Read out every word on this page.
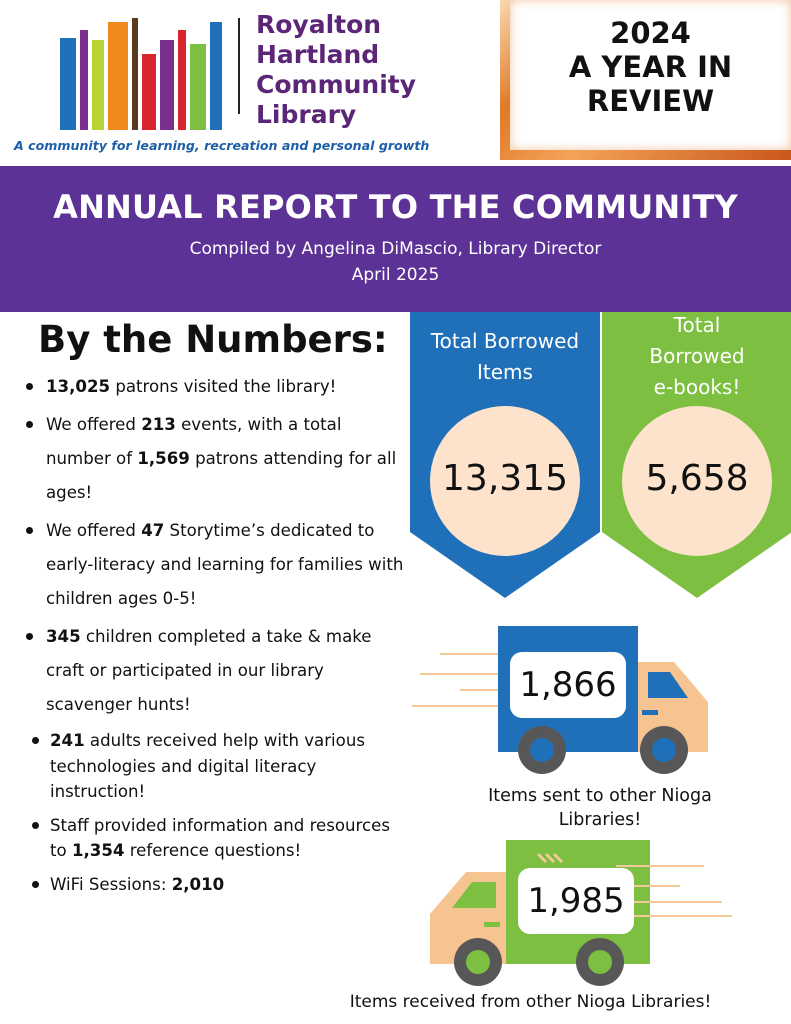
Royalton
Hartland
Community
Library
A community for learning, recreation and personal growth
2024
A YEAR IN
REVIEW
ANNUAL REPORT TO THE COMMUNITY
Compiled by Angelina DiMascio, Library Director
April 2025
By the Numbers:
13,025 patrons visited the library!
We offered 213 events, with a total number of 1,569 patrons attending for all ages!
We offered 47 Storytime’s dedicated to early-literacy and learning for families with children ages 0-5!
345 children completed a take & make craft or participated in our library scavenger hunts!
241 adults received help with various technologies and digital literacy instruction!
Staff provided information and resources to 1,354 reference questions!
WiFi Sessions: 2,010
Total Borrowed
Items
13,315
Total
Borrowed
e-books!
5,658
1,866
Items sent to other Nioga
Libraries!
1,985
Items received from other Nioga Libraries!
